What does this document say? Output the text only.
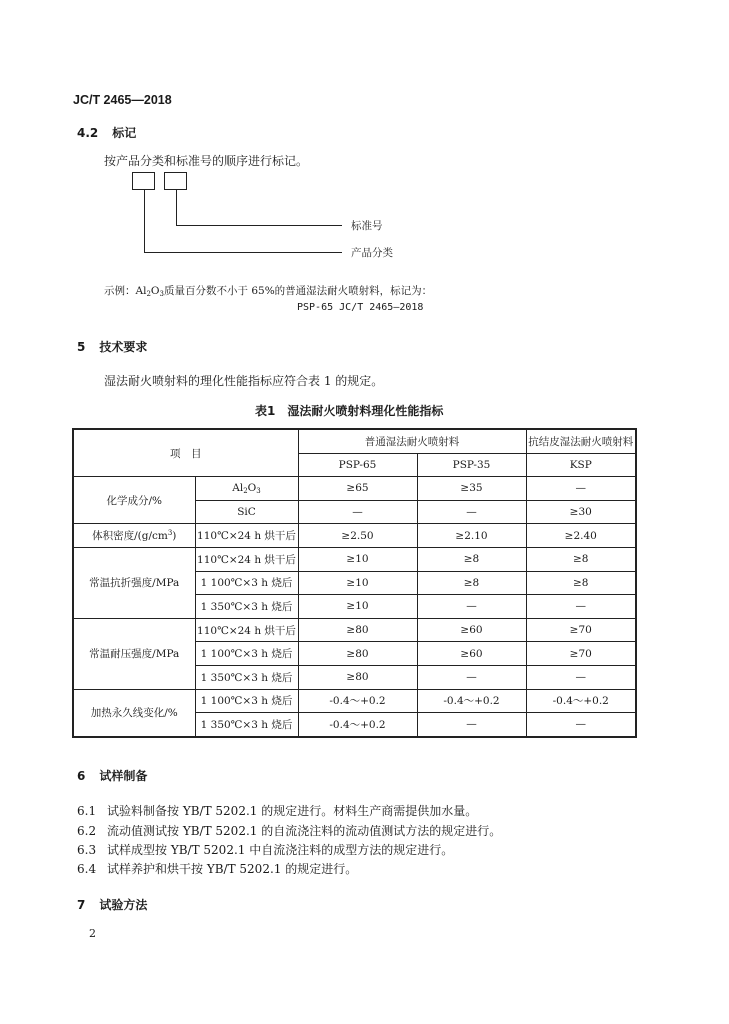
JC/T 2465—2018
4.2 标记
按产品分类和标准号的顺序进行标记。
标准号
产品分类
示例：$Al_2O_3$质量百分数不小于 65%的普通湿法耐火喷射料，标记为：
PSP-65 JC/T 2465—2018
5 技术要求
湿法耐火喷射料的理化性能指标应符合表 1 的规定。
表1　湿法耐火喷射料理化性能指标
项　目		普通湿法耐火喷射料		抗结皮湿法耐火喷射料
		PSP-65	PSP-35	KSP
化学成分/%	$Al_2O_3$	≥65	≥35	—
	SiC	—	—	≥30
体积密度$/(g/cm^3)$	110℃×24 h 烘干后	≥2.50	≥2.10	≥2.40
常温抗折强度/MPa	110℃×24 h 烘干后	≥10	≥8	≥8
	1 100℃×3 h 烧后	≥10	≥8	≥8
	1 350℃×3 h 烧后	≥10	—	—
常温耐压强度/MPa	110℃×24 h 烘干后	≥80	≥60	≥70
	1 100℃×3 h 烧后	≥80	≥60	≥70
	1 350℃×3 h 烧后	≥80	—	—
加热永久线变化/%	1 100℃×3 h 烧后	-0.4～+0.2	-0.4～+0.2	-0.4～+0.2
	1 350℃×3 h 烧后	-0.4～+0.2	—	—
6 试样制备
6.1 试验料制备按 YB/T 5202.1 的规定进行。材料生产商需提供加水量。
6.2 流动值测试按 YB/T 5202.1 的自流浇注料的流动值测试方法的规定进行。
6.3 试样成型按 YB/T 5202.1 中自流浇注料的成型方法的规定进行。
6.4 试样养护和烘干按 YB/T 5202.1 的规定进行。
7 试验方法
2
